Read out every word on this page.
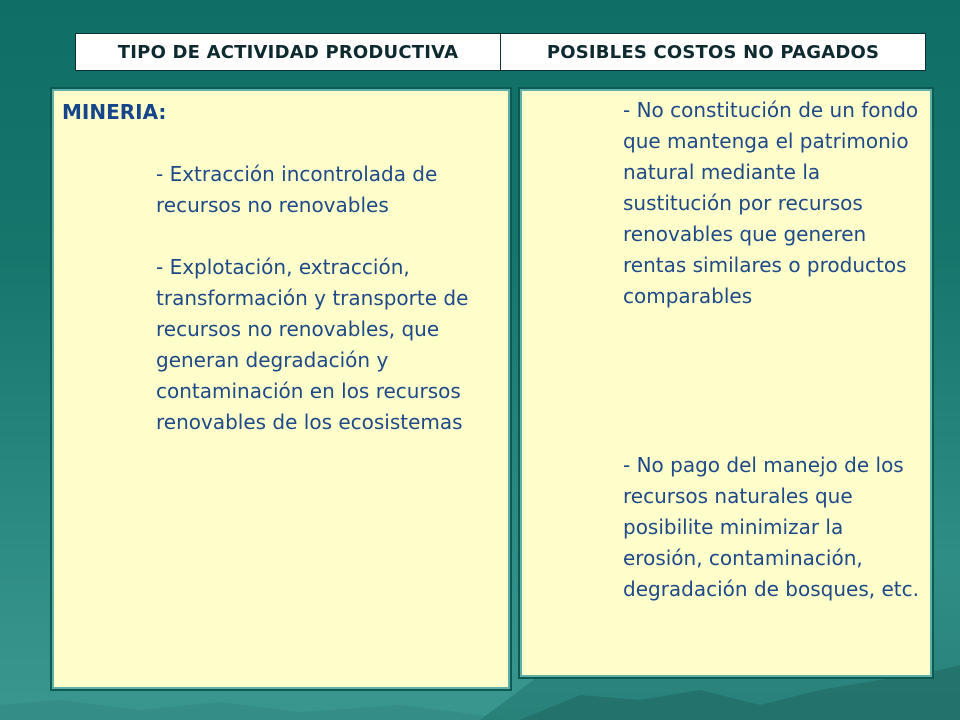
TIPO DE ACTIVIDAD PRODUCTIVA	POSIBLES COSTOS NO PAGADOS
MINERIA:
- Extracción incontrolada de recursos no renovables
- Explotación, extracción, transformación y transporte de recursos no renovables, que generan degradación y contaminación en los recursos renovables de los ecosistemas
- No constitución de un fondo que mantenga el patrimonio natural mediante la sustitución por recursos renovables que generen rentas similares o productos comparables
- No pago del manejo de los recursos naturales que posibilite minimizar la erosión, contaminación, degradación de bosques, etc.
